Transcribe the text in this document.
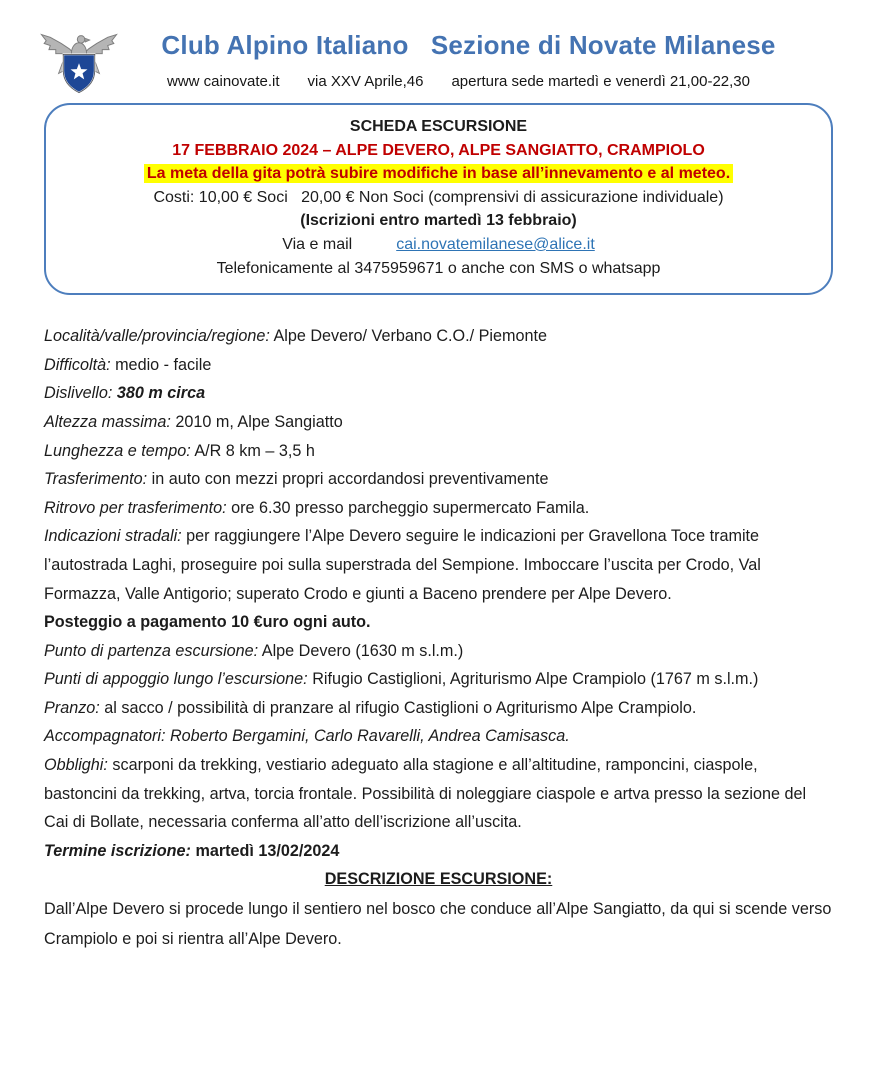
Club Alpino Italiano   Sezione di Novate Milanese
www cainovate.it via XXV Aprile,46 apertura sede martedì e venerdì 21,00-22,30

SCHEDA ESCURSIONE

17 FEBBRAIO 2024 – ALPE DEVERO, ALPE SANGIATTO, CRAMPIOLO

La meta della gita potrà subire modifiche in base all’innevamento e al meteo.

Costi: 10,00 € Soci   20,00 € Non Soci (comprensivi di assicurazione individuale)

(Iscrizioni entro martedì 13 febbraio)

Via e mail	cai.novatemilanese@alice.it

Telefonicamente al 3475959671 o anche con SMS o whatsapp

Località/valle/provincia/regione: Alpe Devero/ Verbano C.O./ Piemonte

Difficoltà: medio - facile

Dislivello: 380 m circa

Altezza massima: 2010 m, Alpe Sangiatto

Lunghezza e tempo: A/R 8 km – 3,5 h

Trasferimento: in auto con mezzi propri accordandosi preventivamente

Ritrovo per trasferimento: ore 6.30 presso parcheggio supermercato Famila.

Indicazioni stradali: per raggiungere l’Alpe Devero seguire le indicazioni per Gravellona Toce tramite l’autostrada Laghi, proseguire poi sulla superstrada del Sempione. Imboccare l’uscita per Crodo, Val Formazza, Valle Antigorio; superato Crodo e giunti a Baceno prendere per Alpe Devero.

Posteggio a pagamento 10 €uro ogni auto.

Punto di partenza escursione: Alpe Devero (1630 m s.l.m.)

Punti di appoggio lungo l’escursione: Rifugio Castiglioni, Agriturismo Alpe Crampiolo (1767 m s.l.m.)

Pranzo: al sacco / possibilità di pranzare al rifugio Castiglioni o Agriturismo Alpe Crampiolo.

Accompagnatori: Roberto Bergamini, Carlo Ravarelli, Andrea Camisasca.

Obblighi: scarponi da trekking, vestiario adeguato alla stagione e all’altitudine, ramponcini, ciaspole, bastoncini da trekking, artva, torcia frontale. Possibilità di noleggiare ciaspole e artva presso la sezione del Cai di Bollate, necessaria conferma all’atto dell’iscrizione all’uscita.

Termine iscrizione: martedì 13/02/2024

DESCRIZIONE ESCURSIONE:

Dall’Alpe Devero si procede lungo il sentiero nel bosco che conduce all’Alpe Sangiatto, da qui si scende verso Crampiolo e poi si rientra all’Alpe Devero.
